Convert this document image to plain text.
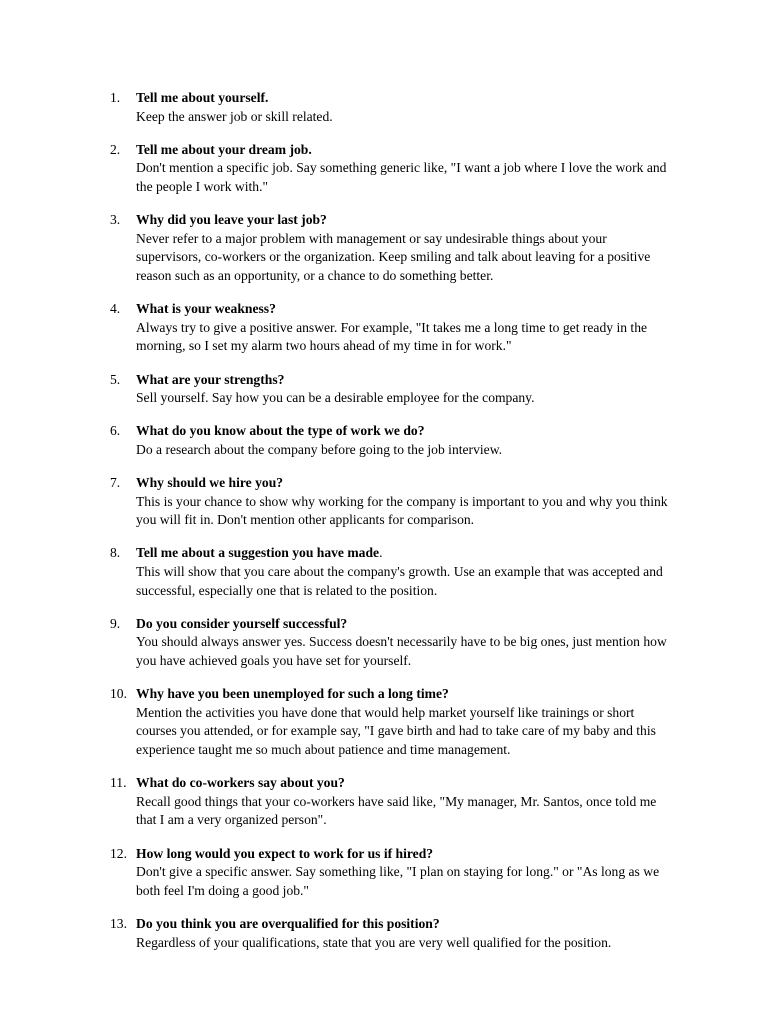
1. Tell me about yourself.
Keep the answer job or skill related.
2. Tell me about your dream job.
Don't mention a specific job. Say something generic like, "I want a job where I love the work and the people I work with."
3. Why did you leave your last job?
Never refer to a major problem with management or say undesirable things about your supervisors, co-workers or the organization. Keep smiling and talk about leaving for a positive reason such as an opportunity, or a chance to do something better.
4. What is your weakness?
Always try to give a positive answer. For example, "It takes me a long time to get ready in the morning, so I set my alarm two hours ahead of my time in for work."
5. What are your strengths?
Sell yourself. Say how you can be a desirable employee for the company.
6. What do you know about the type of work we do?
Do a research about the company before going to the job interview.
7. Why should we hire you?
This is your chance to show why working for the company is important to you and why you think you will fit in. Don't mention other applicants for comparison.
8. Tell me about a suggestion you have made.
This will show that you care about the company's growth. Use an example that was accepted and successful, especially one that is related to the position.
9. Do you consider yourself successful?
You should always answer yes. Success doesn't necessarily have to be big ones, just mention how you have achieved goals you have set for yourself.
10. Why have you been unemployed for such a long time?
Mention the activities you have done that would help market yourself like trainings or short courses you attended, or for example say, "I gave birth and had to take care of my baby and this experience taught me so much about patience and time management.
11. What do co-workers say about you?
Recall good things that your co-workers have said like, "My manager, Mr. Santos, once told me that I am a very organized person".
12. How long would you expect to work for us if hired?
Don't give a specific answer. Say something like, "I plan on staying for long." or "As long as we both feel I'm doing a good job."
13. Do you think you are overqualified for this position?
Regardless of your qualifications, state that you are very well qualified for the position.
